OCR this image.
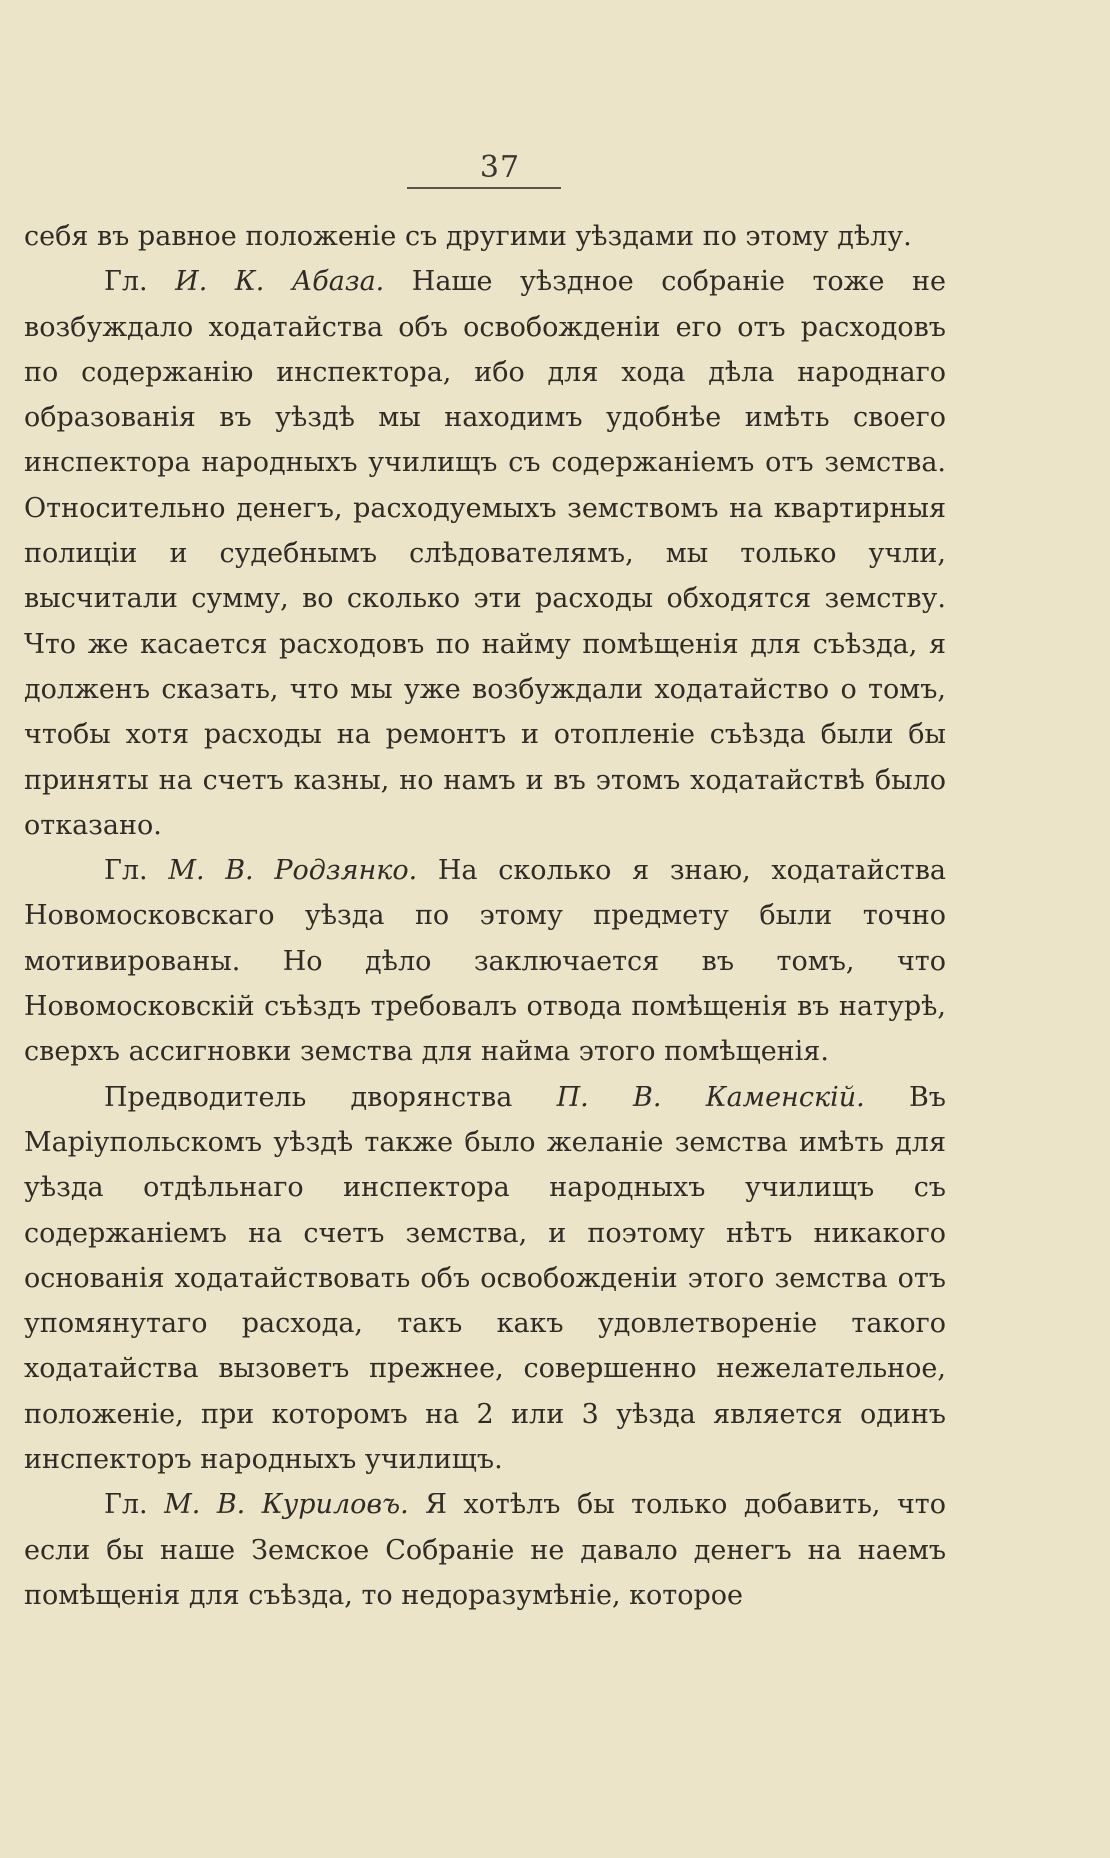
37

себя въ равное положеніе съ другими уѣздами по этому дѣлу.

Гл. И. К. Абаза. Наше уѣздное собраніе тоже не возбуждало ходатайства объ освобожденіи его отъ расходовъ по содержанію инспектора, ибо для хода дѣла народнаго образованія въ уѣздѣ мы находимъ удобнѣе имѣть своего инспектора народныхъ училищъ съ содержаніемъ отъ земства. Относительно денегъ, расходуемыхъ земствомъ на квартирныя полиціи и судебнымъ слѣдователямъ, мы только учли, высчитали сумму, во сколько эти расходы обходятся земству. Что же касается расходовъ по найму помѣщенія для съѣзда, я долженъ сказать, что мы уже возбуждали ходатайство о томъ, чтобы хотя расходы на ремонтъ и отопленіе съѣзда были бы приняты на счетъ казны, но намъ и въ этомъ ходатайствѣ было отказано.

Гл. М. В. Родзянко. На сколько я знаю, ходатайства Новомосковскаго уѣзда по этому предмету были точно мотивированы. Но дѣло заключается въ томъ, что Новомосковскій съѣздъ требовалъ отвода помѣщенія въ натурѣ, сверхъ ассигновки земства для найма этого помѣщенія.

Предводитель дворянства П. В. Каменскій. Въ Маріупольскомъ уѣздѣ также было желаніе земства имѣть для уѣзда отдѣльнаго инспектора народныхъ училищъ съ содержаніемъ на счетъ земства, и поэтому нѣтъ никакого основанія ходатайствовать объ освобожденіи этого земства отъ упомянутаго расхода, такъ какъ удовлетвореніе такого ходатайства вызоветъ прежнее, совершенно нежелательное, положеніе, при которомъ на 2 или 3 уѣзда является одинъ инспекторъ народныхъ училищъ.

Гл. М. В. Куриловъ. Я хотѣлъ бы только добавить, что если бы наше Земское Собраніе не давало денегъ на наемъ помѣщенія для съѣзда, то недоразумѣніе, которое
